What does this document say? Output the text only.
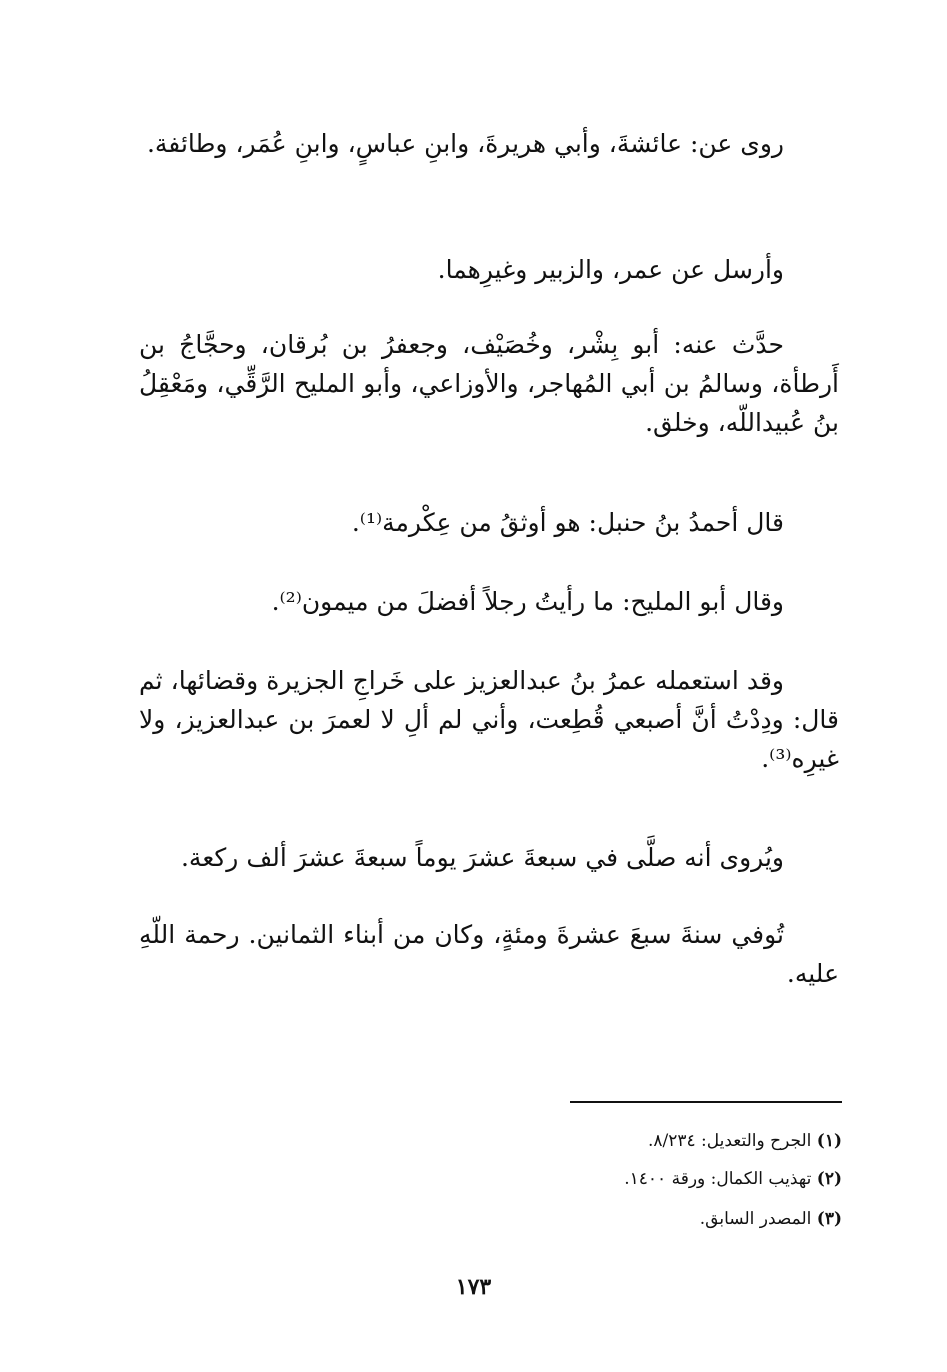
روى عن: عائشةَ، وأبي هريرةَ، وابنِ عباسٍ، وابنِ عُمَر، وطائفة.

وأرسل عن عمر، والزبير وغيرِهما.

حدَّث عنه: أبو بِشْر، وخُصَيْف، وجعفرُ بن بُرقان، وحجَّاجُ بن أَرطأة، وسالمُ بن أبي المُهاجر، والأوزاعي، وأبو المليح الرَّقِّي، ومَعْقِلُ بنُ عُبيداللّه، وخلق.

قال أحمدُ بنُ حنبل: هو أوثقُ من عِكْرمة⁽¹⁾.

وقال أبو المليح: ما رأيتُ رجلاً أفضلَ من ميمون⁽²⁾.

وقد استعمله عمرُ بنُ عبدالعزيز على خَراجِ الجزيرة وقضائها، ثم قال: ودِدْتُ أنَّ أصبعي قُطِعت، وأني لم ألِ لا لعمرَ بن عبدالعزيز، ولا غيرِه⁽³⁾.

ويُروى أنه صلَّى في سبعةَ عشرَ يوماً سبعةَ عشرَ ألف ركعة.

تُوفي سنةَ سبعَ عشرةَ ومئةٍ، وكان من أبناء الثمانين. رحمة اللّهِ عليه.

(١) الجرح والتعديل: ٨/٢٣٤.
(٢) تهذيب الكمال: ورقة ١٤٠٠.
(٣) المصدر السابق.
١٧٣
